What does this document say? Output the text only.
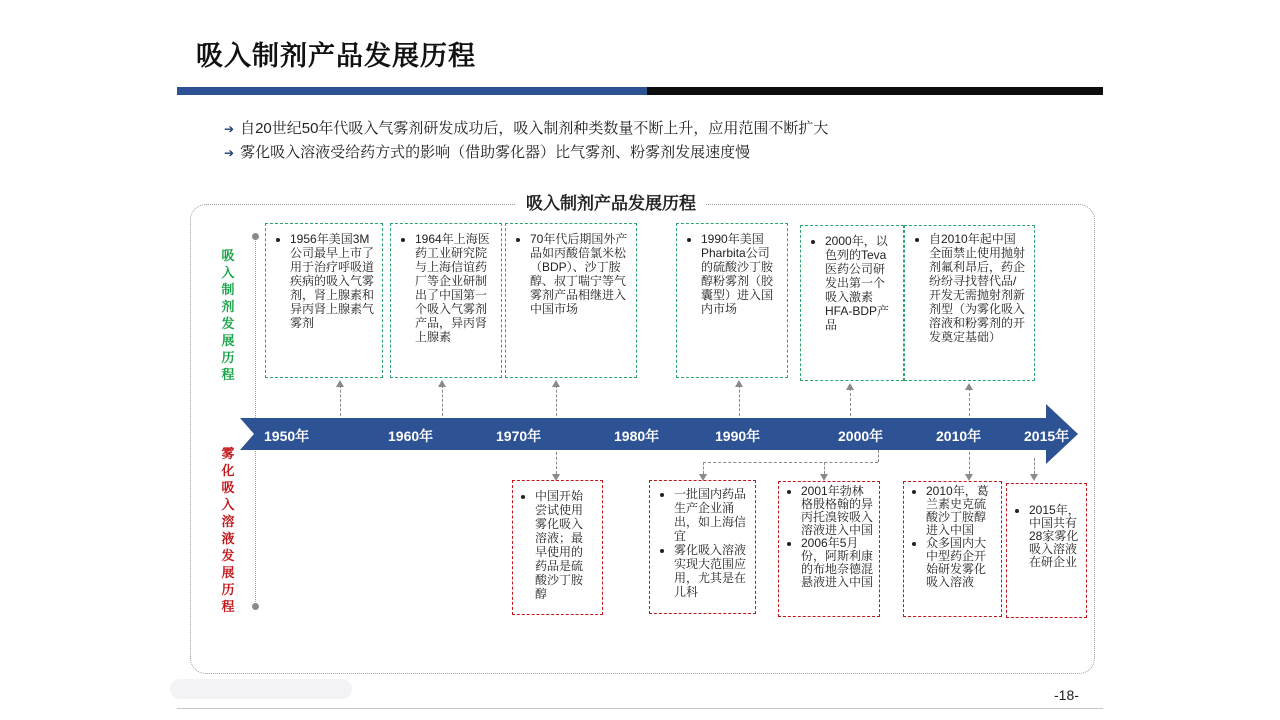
吸入制剂产品发展历程
➔ 自20世纪50年代吸入气雾剂研发成功后，吸入制剂种类数量不断上升，应用范围不断扩大
➔ 雾化吸入溶液受给药方式的影响（借助雾化器）比气雾剂、粉雾剂发展速度慢
吸入制剂产品发展历程
吸入制剂发展历程
雾化吸入溶液发展历程
• 1956年美国3M公司最早上市了用于治疗呼吸道疾病的吸入气雾剂，肾上腺素和异丙肾上腺素气雾剂
• 1964年上海医药工业研究院与上海信谊药厂等企业研制出了中国第一个吸入气雾剂产品，异丙肾上腺素
• 70年代后期国外产品如丙酸倍氯米松（BDP）、沙丁胺醇、叔丁喘宁等气雾剂产品相继进入中国市场
• 1990年美国Pharbita公司的硫酸沙丁胺醇粉雾剂（胶囊型）进入国内市场
• 2000年，以色列的Teva医药公司研发出第一个吸入激素HFA-BDP产品
• 自2010年起中国全面禁止使用抛射剂氟利昂后，药企纷纷寻找替代品/开发无需抛射剂新剂型（为雾化吸入溶液和粉雾剂的开发奠定基础）
1950年	1960年	1970年	1980年	1990年	2000年	2010年	2015年
• 中国开始尝试使用雾化吸入溶液；最早使用的药品是硫酸沙丁胺醇
• 一批国内药品生产企业涌出，如上海信宜
• 雾化吸入溶液实现大范围应用，尤其是在儿科
• 2001年勃林格殷格翰的异丙托溴铵吸入溶液进入中国
• 2006年5月份，阿斯利康的布地奈德混悬液进入中国
• 2010年，葛兰素史克硫酸沙丁胺醇进入中国
• 众多国内大中型药企开始研发雾化吸入溶液
• 2015年，中国共有28家雾化吸入溶液在研企业
-18-
